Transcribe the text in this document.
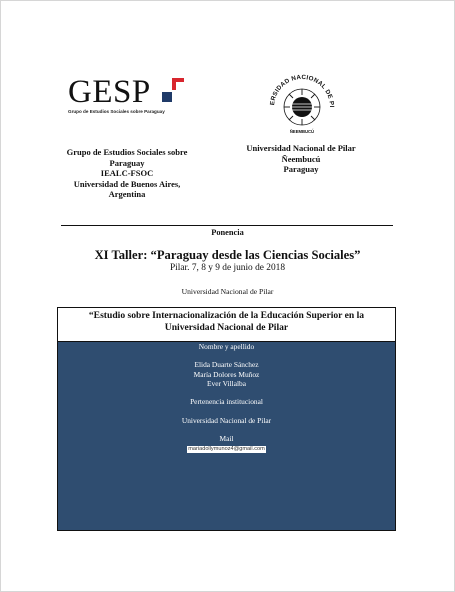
GESP
Grupo de Estudios Sociales sobre Paraguay
ERSIDAD NACIONAL DE PI
ÑEEMBUCÚ
Grupo de Estudios Sociales sobre
Paraguay
IEALC-FSOC
Universidad de Buenos Aires,
Argentina
Universidad Nacional de Pilar
Ñeembucú
Paraguay
Ponencia
XI Taller: “Paraguay desde las Ciencias Sociales”
Pilar. 7, 8 y 9 de junio de 2018
Universidad Nacional de Pilar
“Estudio sobre Internacionalización de la Educación Superior en la
Universidad Nacional de Pilar
Nombre y apellido
Elida Duarte Sánchez
María Dolores Muñoz
Ever Villalba
Pertenencia institucional
Universidad Nacional de Pilar
Mail
mariadollymunoz4@gmail.com
